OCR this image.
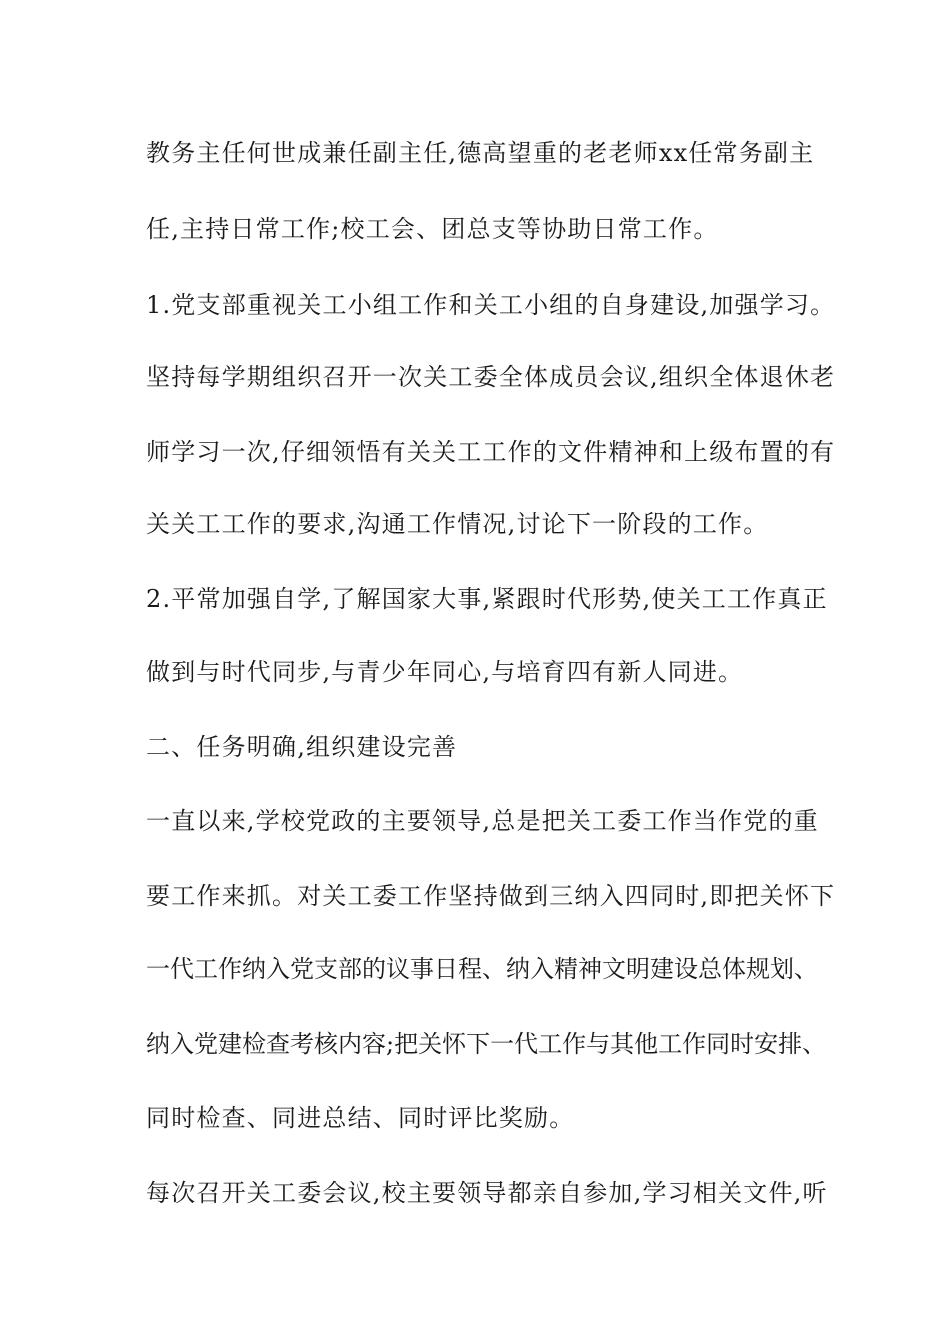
教务主任何世成兼任副主任,德高望重的老老师xx任常务副主
任,主持日常工作;校工会、团总支等协助日常工作。
1.党支部重视关工小组工作和关工小组的自身建设,加强学习。
坚持每学期组织召开一次关工委全体成员会议,组织全体退休老
师学习一次,仔细领悟有关关工工作的文件精神和上级布置的有
关关工工作的要求,沟通工作情况,讨论下一阶段的工作。
2.平常加强自学,了解国家大事,紧跟时代形势,使关工工作真正
做到与时代同步,与青少年同心,与培育四有新人同进。
二、任务明确,组织建设完善
一直以来,学校党政的主要领导,总是把关工委工作当作党的重
要工作来抓。对关工委工作坚持做到三纳入四同时,即把关怀下
一代工作纳入党支部的议事日程、纳入精神文明建设总体规划、
纳入党建检查考核内容;把关怀下一代工作与其他工作同时安排、
同时检查、同进总结、同时评比奖励。
每次召开关工委会议,校主要领导都亲自参加,学习相关文件,听
